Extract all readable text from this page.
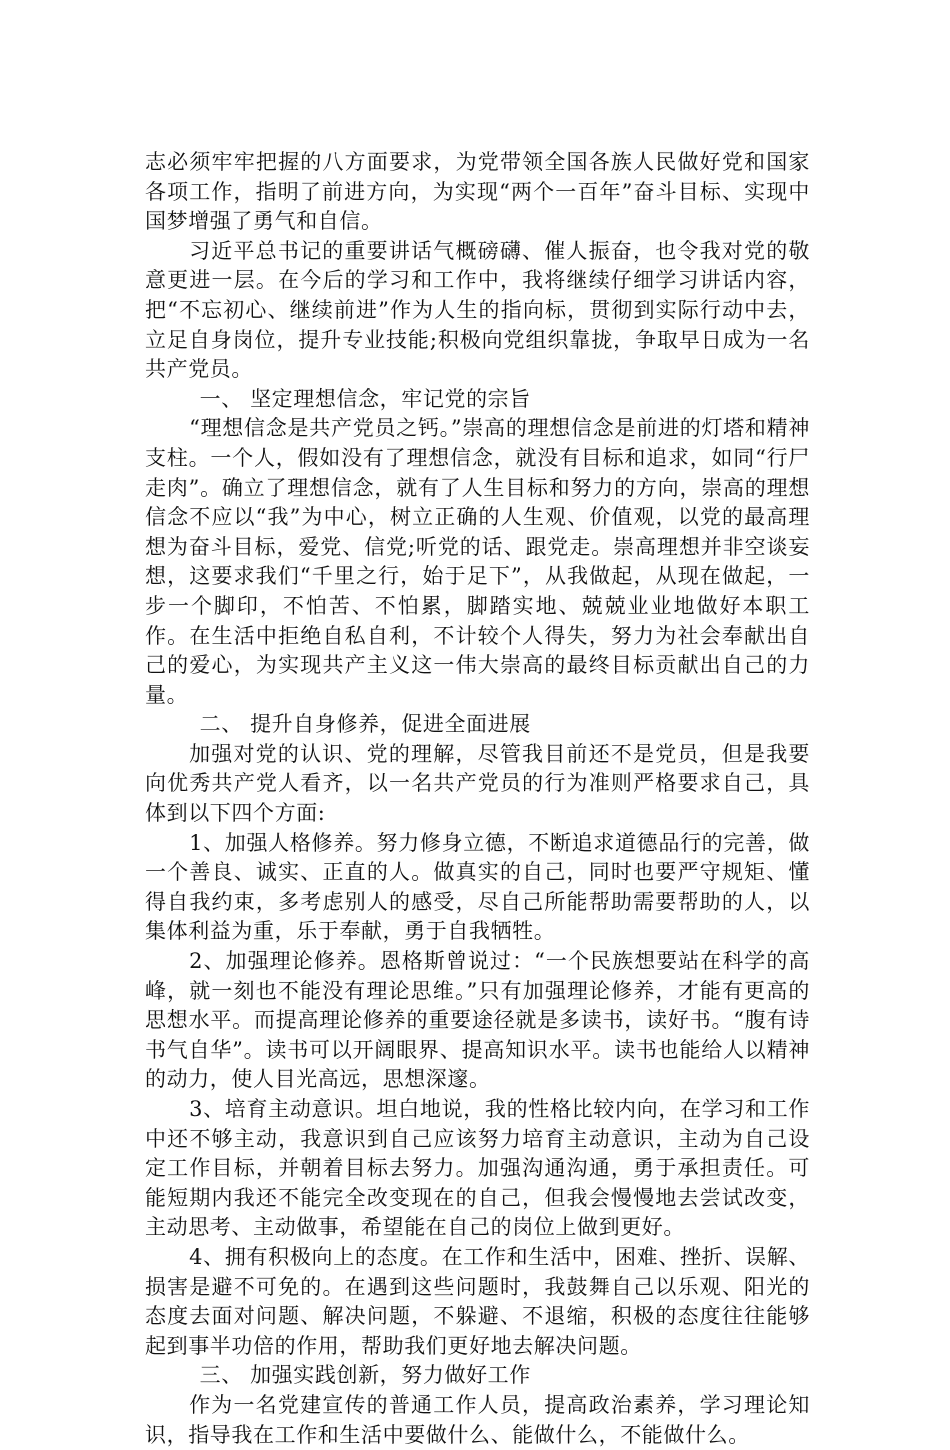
志必须牢牢把握的八方面要求，为党带领全国各族人民做好党和国家各项工作，指明了前进方向，为实现“两个一百年”奋斗目标、实现中国梦增强了勇气和自信。

习近平总书记的重要讲话气概磅礴、催人振奋，也令我对党的敬意更进一层。在今后的学习和工作中，我将继续仔细学习讲话内容，把“不忘初心、继续前进”作为人生的指向标，贯彻到实际行动中去，立足自身岗位，提升专业技能;积极向党组织靠拢，争取早日成为一名共产党员。

一、 坚定理想信念，牢记党的宗旨

“理想信念是共产党员之钙。”崇高的理想信念是前进的灯塔和精神支柱。一个人，假如没有了理想信念，就没有目标和追求，如同“行尸走肉”。确立了理想信念，就有了人生目标和努力的方向，崇高的理想信念不应以“我”为中心，树立正确的人生观、价值观，以党的最高理想为奋斗目标，爱党、信党;听党的话、跟党走。崇高理想并非空谈妄想，这要求我们“千里之行，始于足下”，从我做起，从现在做起，一步一个脚印，不怕苦、不怕累，脚踏实地、兢兢业业地做好本职工作。在生活中拒绝自私自利，不计较个人得失，努力为社会奉献出自己的爱心，为实现共产主义这一伟大崇高的最终目标贡献出自己的力量。

二、 提升自身修养，促进全面进展

加强对党的认识、党的理解，尽管我目前还不是党员，但是我要向优秀共产党人看齐，以一名共产党员的行为准则严格要求自己，具体到以下四个方面:

1、加强人格修养。努力修身立德，不断追求道德品行的完善，做一个善良、诚实、正直的人。做真实的自己，同时也要严守规矩、懂得自我约束，多考虑别人的感受，尽自己所能帮助需要帮助的人，以集体利益为重，乐于奉献，勇于自我牺牲。

2、加强理论修养。恩格斯曾说过：“一个民族想要站在科学的高峰，就一刻也不能没有理论思维。”只有加强理论修养，才能有更高的思想水平。而提高理论修养的重要途径就是多读书，读好书。“腹有诗书气自华”。读书可以开阔眼界、提高知识水平。读书也能给人以精神的动力，使人目光高远，思想深邃。

3、培育主动意识。坦白地说，我的性格比较内向，在学习和工作中还不够主动，我意识到自己应该努力培育主动意识，主动为自己设定工作目标，并朝着目标去努力。加强沟通沟通，勇于承担责任。可能短期内我还不能完全改变现在的自己，但我会慢慢地去尝试改变，主动思考、主动做事，希望能在自己的岗位上做到更好。

4、拥有积极向上的态度。在工作和生活中，困难、挫折、误解、损害是避不可免的。在遇到这些问题时，我鼓舞自己以乐观、阳光的态度去面对问题、解决问题，不躲避、不退缩，积极的态度往往能够起到事半功倍的作用，帮助我们更好地去解决问题。

三、 加强实践创新，努力做好工作

作为一名党建宣传的普通工作人员，提高政治素养，学习理论知识，指导我在工作和生活中要做什么、能做什么，不能做什么。
